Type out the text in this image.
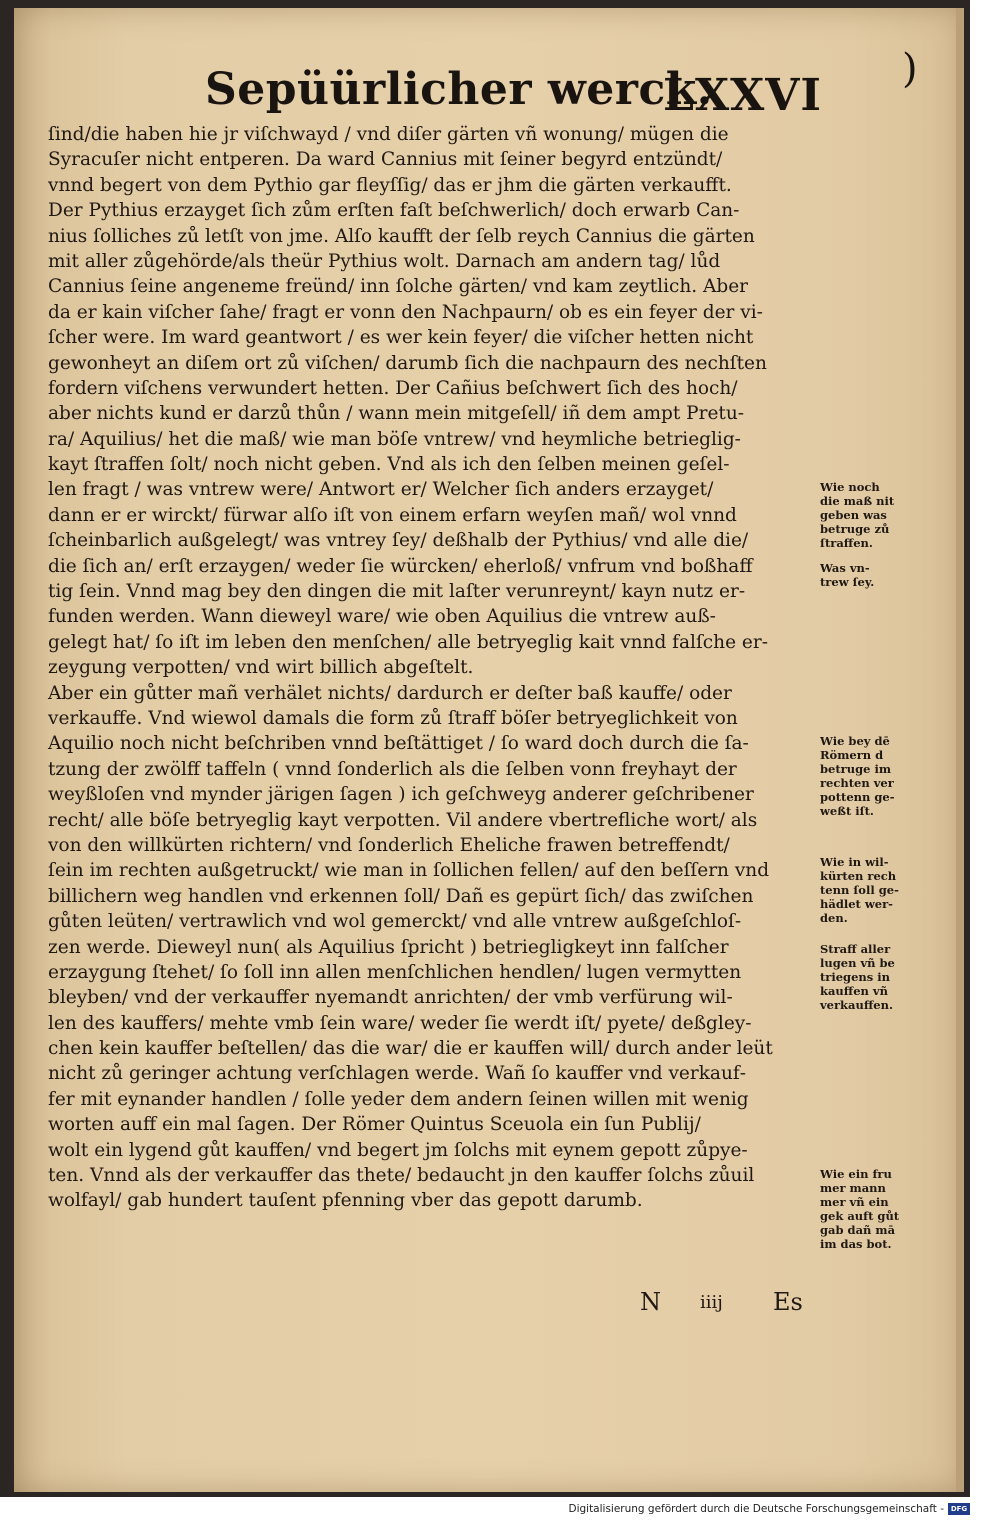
Sepüürlicher werck.
LXXVI
)
ſind/die haben hie jr viſchwayd / vnd diſer gärten vñ wonung/ mügen die
Syracuſer nicht entperen. Da ward Cannius mit ſeiner begyrd entzündt/
vnnd begert von dem Pythio gar fleyſſig/ das er jhm die gärten verkaufft.
Der Pythius erzayget ſich zům erſten faſt beſchwerlich/ doch erwarb Can‑
nius ſolliches zů letſt von jme. Alſo kaufft der ſelb reych Cannius die gärten
mit aller zůgehörde/als theür Pythius wolt. Darnach am andern tag/ lůd
Cannius ſeine angeneme freünd/ inn ſolche gärten/ vnd kam zeytlich. Aber
da er kain viſcher ſahe/ fragt er vonn den Nachpaurn/ ob es ein feyer der vi‑
ſcher were. Im ward geantwort / es wer kein feyer/ die viſcher hetten nicht
gewonheyt an diſem ort zů viſchen/ darumb ſich die nachpaurn des nechſten
fordern viſchens verwundert hetten. Der Cañius beſchwert ſich des hoch/
aber nichts kund er darzů thůn / wann mein mitgeſell/ iñ dem ampt Pretu‑
ra/ Aquilius/ het die maß/ wie man böſe vntrew/ vnd heymliche betrieglig‑
kayt ſtraffen ſolt/ noch nicht geben. Vnd als ich den ſelben meinen geſel‑
len fragt / was vntrew were/ Antwort er/ Welcher ſich anders erzayget/
dann er er wirckt/ fürwar alſo iſt von einem erfarn weyſen mañ/ wol vnnd
ſcheinbarlich außgelegt/ was vntrey ſey/ deßhalb der Pythius/ vnd alle die/
die ſich an/ erſt erzaygen/ weder ſie würcken/ eherloß/ vnfrum vnd boßhaff
tig ſein. Vnnd mag bey den dingen die mit laſter verunreynt/ kayn nutz er‑
funden werden. Wann dieweyl ware/ wie oben Aquilius die vntrew auß‑
gelegt hat/ ſo iſt im leben den menſchen/ alle betryeglig kait vnnd falſche er‑
zeygung verpotten/ vnd wirt billich abgeſtelt.
Aber ein gůtter mañ verhälet nichts/ dardurch er deſter baß kauffe/ oder
verkauffe. Vnd wiewol damals die form zů ſtraff böſer betryeglichkeit von
Aquilio noch nicht beſchriben vnnd beſtättiget / ſo ward doch durch die ſa‑
tzung der zwölff taffeln ( vnnd ſonderlich als die ſelben vonn freyhayt der
weyßloſen vnd mynder järigen ſagen ) ich geſchweyg anderer geſchribener
recht/ alle böſe betryeglig kayt verpotten. Vil andere vbertrefliche wort/ als
von den willkürten richtern/ vnd ſonderlich Eheliche frawen betreffendt/
ſein im rechten außgetruckt/ wie man in ſollichen fellen/ auf den beſſern vnd
billichern weg handlen vnd erkennen ſoll/ Dañ es gepürt ſich/ das zwiſchen
gůten leüten/ vertrawlich vnd wol gemerckt/ vnd alle vntrew außgeſchloſ‑
zen werde. Dieweyl nun( als Aquilius ſpricht ) betriegligkeyt inn falſcher
erzaygung ſtehet/ ſo ſoll inn allen menſchlichen hendlen/ lugen vermytten
bleyben/ vnd der verkauffer nyemandt anrichten/ der vmb verfürung wil‑
len des kauffers/ mehte vmb ſein ware/ weder ſie werdt iſt/ pyete/ deßgley‑
chen kein kauffer beſtellen/ das die war/ die er kauffen will/ durch ander leüt
nicht zů geringer achtung verſchlagen werde. Wañ ſo kauffer vnd verkauf‑
fer mit eynander handlen / ſolle yeder dem andern ſeinen willen mit wenig
worten auff ein mal ſagen. Der Römer Quintus Sceuola ein ſun Publij/
wolt ein lygend gůt kauffen/ vnd begert jm ſolchs mit eynem gepott zůpye‑
ten. Vnnd als der verkauffer das thete/ bedaucht jn den kauffer ſolchs zůuil
wolfayl/ gab hundert tauſent pfenning vber das gepott darumb.
Wie noch
die maß nit
geben was
betruge zů
ſtraffen.
Was vn‑
trew ſey.
Wie bey dē
Römern d
betruge im
rechten ver
pottenn ge‑
weßt iſt.
Wie in wil‑
kürten rech
tenn ſoll ge‑
hädlet wer‑
den.
Straff aller
lugen vñ be
triegens in
kauffen vñ
verkauffen.
Wie ein fru
mer mann
mer vñ ein
gek auft gůt
gab dañ mā
im das bot.
N iiij Es
Digitalisierung gefördert durch die Deutsche Forschungsgemeinschaft - DFG
